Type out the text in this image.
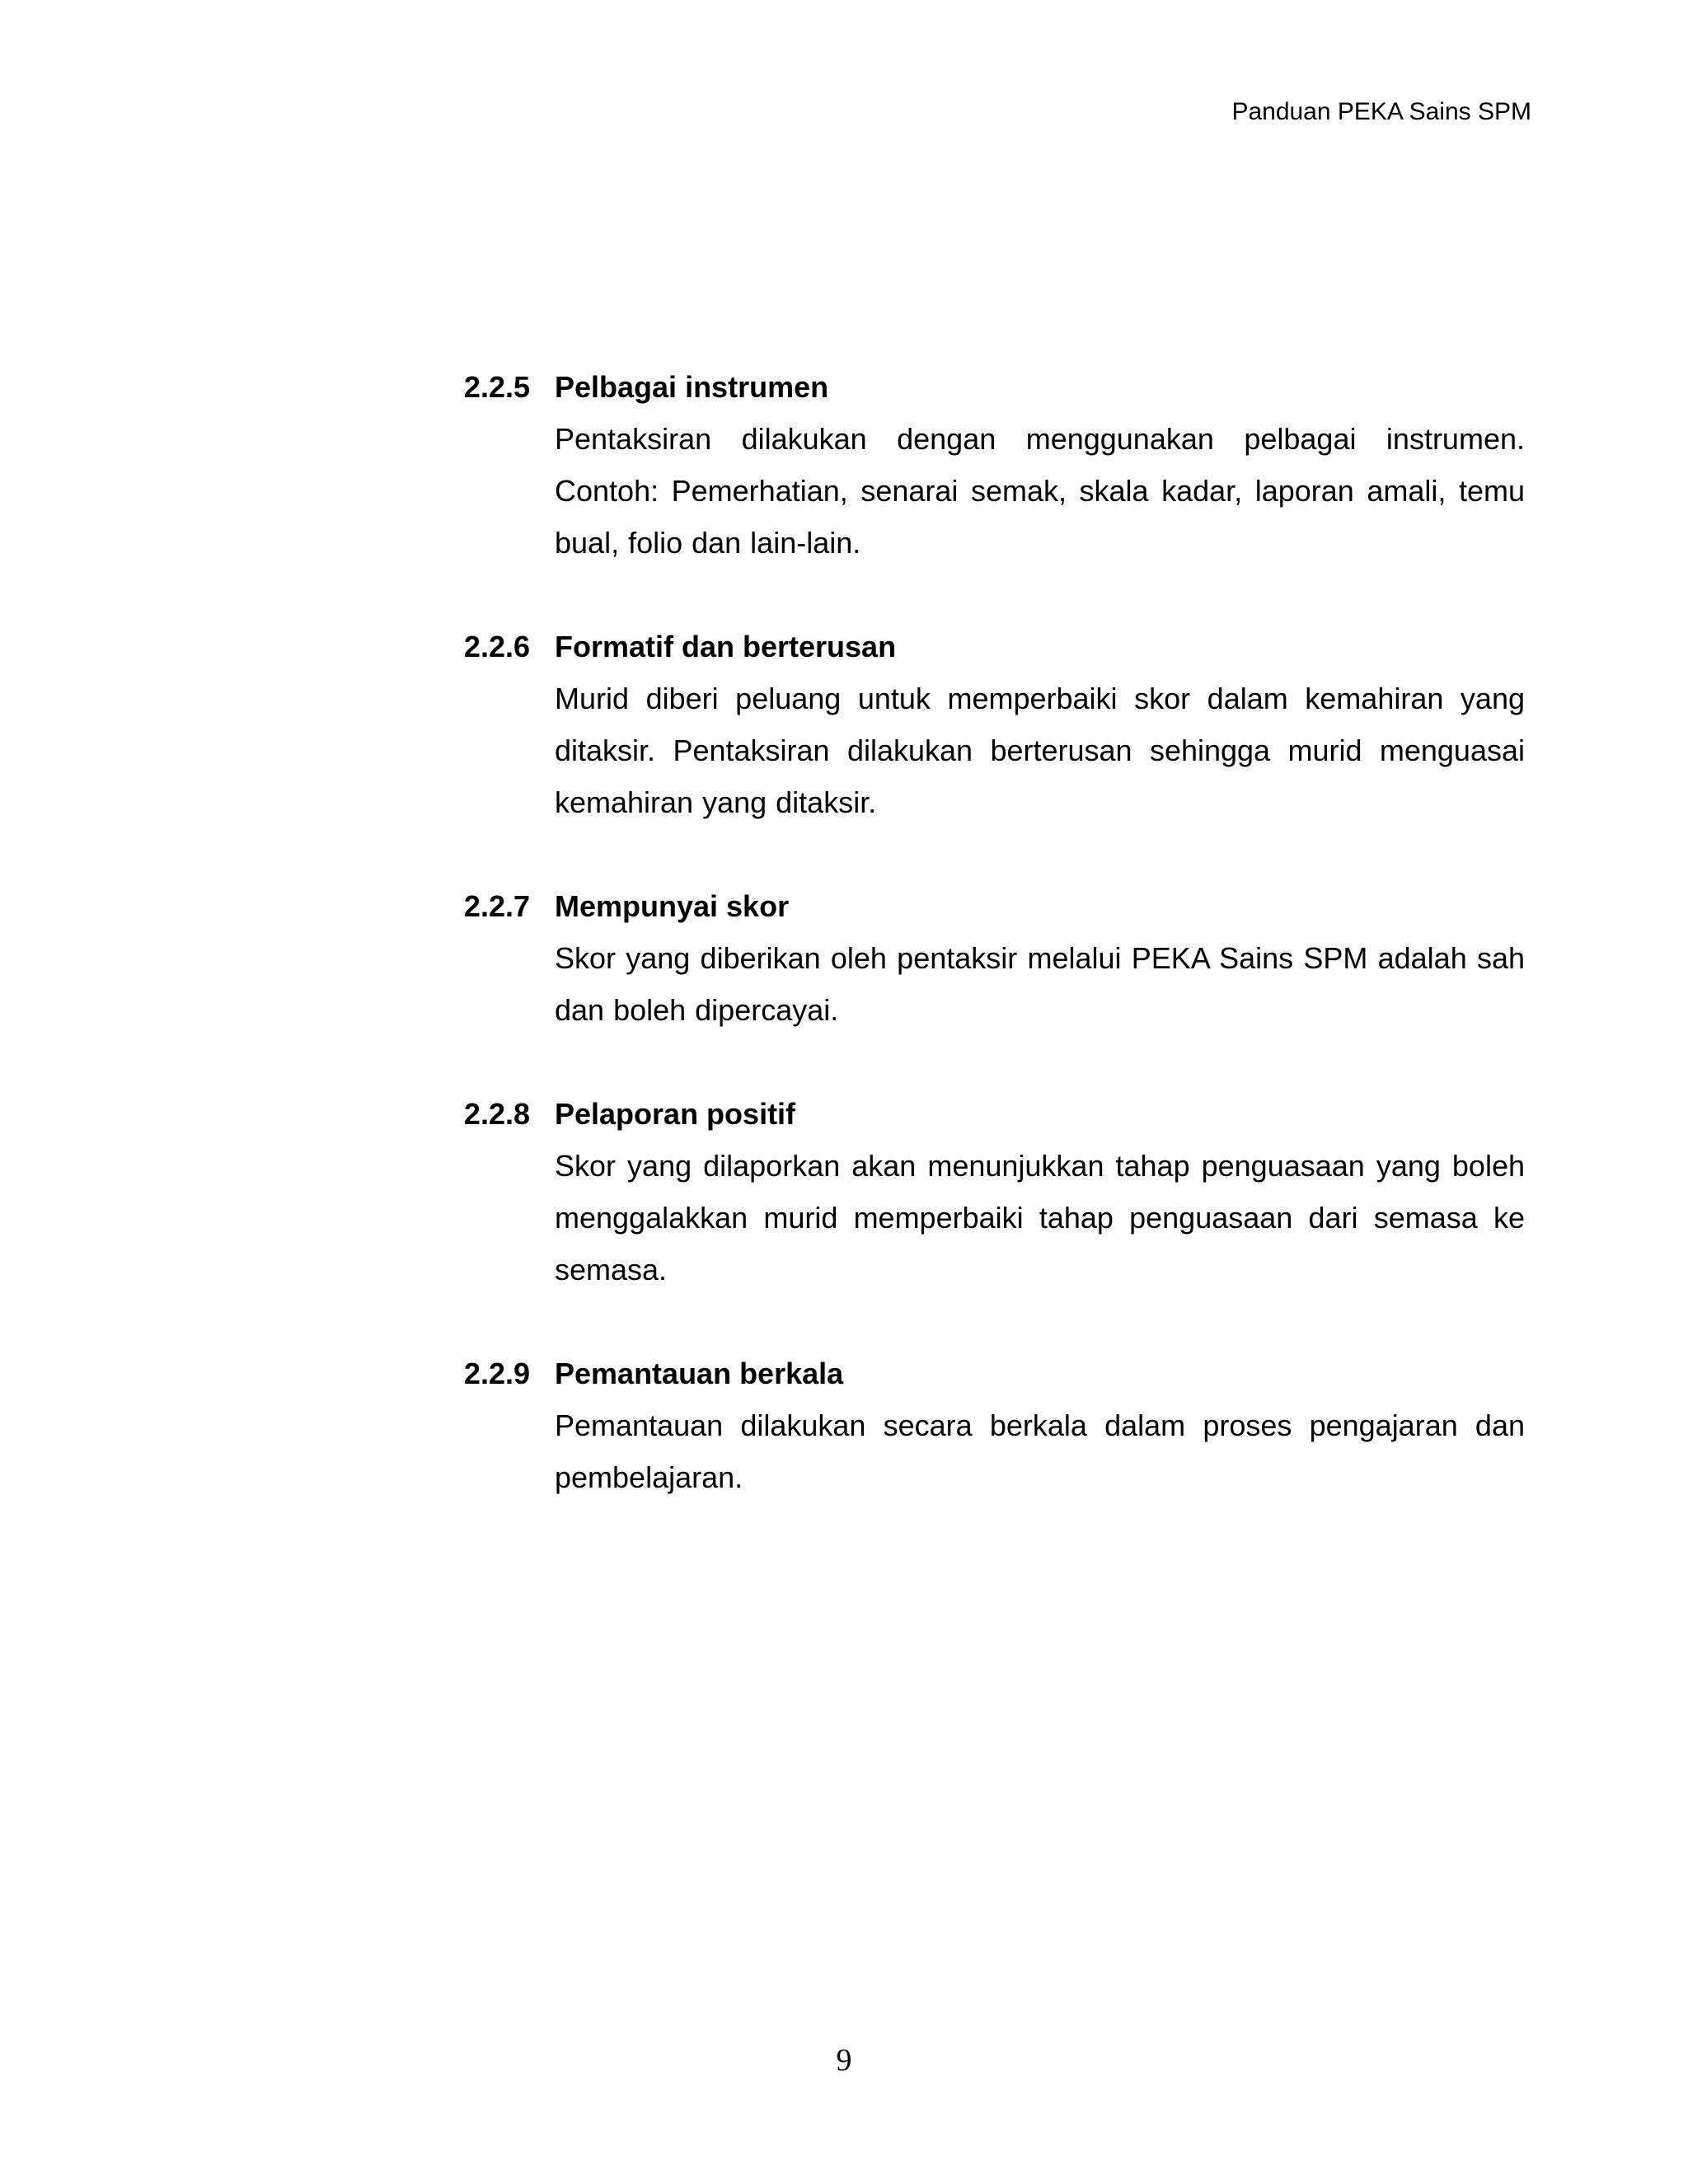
Panduan PEKA Sains SPM
2.2.5 Pelbagai instrumen
Pentaksiran dilakukan dengan menggunakan pelbagai instrumen. Contoh: Pemerhatian, senarai semak, skala kadar, laporan amali, temu bual, folio dan lain-lain.
2.2.6 Formatif dan berterusan
Murid diberi peluang untuk memperbaiki skor dalam kemahiran yang ditaksir. Pentaksiran dilakukan berterusan sehingga murid menguasai kemahiran yang ditaksir.
2.2.7 Mempunyai skor
Skor yang diberikan oleh pentaksir melalui PEKA Sains SPM adalah sah dan boleh dipercayai.
2.2.8 Pelaporan positif
Skor yang dilaporkan akan menunjukkan tahap penguasaan yang boleh menggalakkan murid memperbaiki tahap penguasaan dari semasa ke semasa.
2.2.9 Pemantauan berkala
Pemantauan dilakukan secara berkala dalam proses pengajaran dan pembelajaran.
9
